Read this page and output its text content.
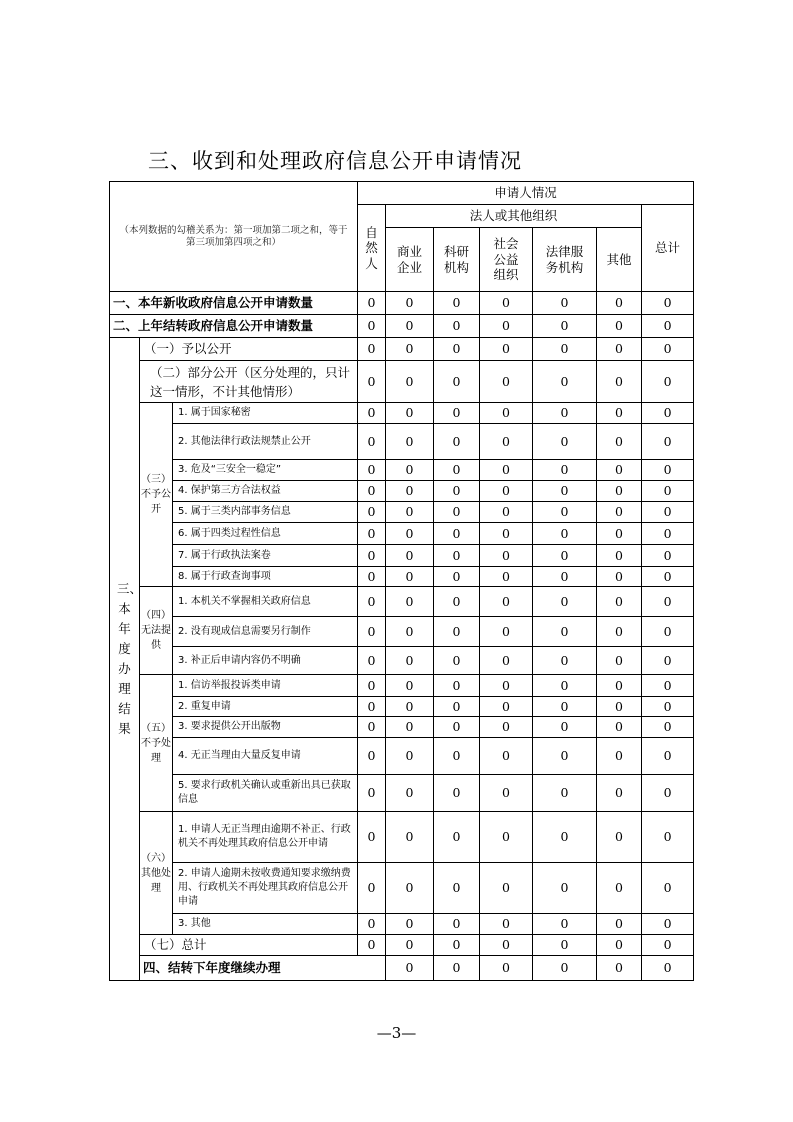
三、收到和处理政府信息公开申请情况
（本列数据的勾稽关系为：第一项加第二项之和，等于第三项加第四项之和）			申请人情况							
			自然人	法人或其他组织					总计	
				商业企业	科研机构	社会公益组织	法律服务机构	其他		
一、本年新收政府信息公开申请数量			0	0	0	0	0	0	0	
二、上年结转政府信息公开申请数量			0	0	0	0	0	0	0	
三、本年度办理结果	（一）予以公开		0	0	0	0	0	0	0	
	（二）部分公开（区分处理的，只计这一情形，不计其他情形）		0	0	0	0	0	0	0	
	（三）不予公开	1. 属于国家秘密	0	0	0	0	0	0	0	
		2. 其他法律行政法规禁止公开	0	0	0	0	0	0	0	
		3. 危及“三安全一稳定”	0	0	0	0	0	0	0	
		4. 保护第三方合法权益	0	0	0	0	0	0	0	
		5. 属于三类内部事务信息	0	0	0	0	0	0	0	
		6. 属于四类过程性信息	0	0	0	0	0	0	0	
		7. 属于行政执法案卷	0	0	0	0	0	0	0	
		8. 属于行政查询事项	0	0	0	0	0	0	0	
	（四）无法提供	1. 本机关不掌握相关政府信息	0	0	0	0	0	0	0	
		2. 没有现成信息需要另行制作	0	0	0	0	0	0	0	
		3. 补正后申请内容仍不明确	0	0	0	0	0	0	0	
	（五）不予处理	1. 信访举报投诉类申请	0	0	0	0	0	0	0	
		2. 重复申请	0	0	0	0	0	0	0	
		3. 要求提供公开出版物	0	0	0	0	0	0	0	
		4. 无正当理由大量反复申请	0	0	0	0	0	0	0	
		5. 要求行政机关确认或重新出具已获取信息	0	0	0	0	0	0	0	
	（六）其他处理	1. 申请人无正当理由逾期不补正、行政机关不再处理其政府信息公开申请	0	0	0	0	0	0	0	
		2. 申请人逾期未按收费通知要求缴纳费用、行政机关不再处理其政府信息公开申请	0	0	0	0	0	0	0	
		3. 其他	0	0	0	0	0	0	0	
	（七）总计		0	0	0	0	0	0	0	
	四、结转下年度继续办理			0	0	0	0	0	0	
—3—
